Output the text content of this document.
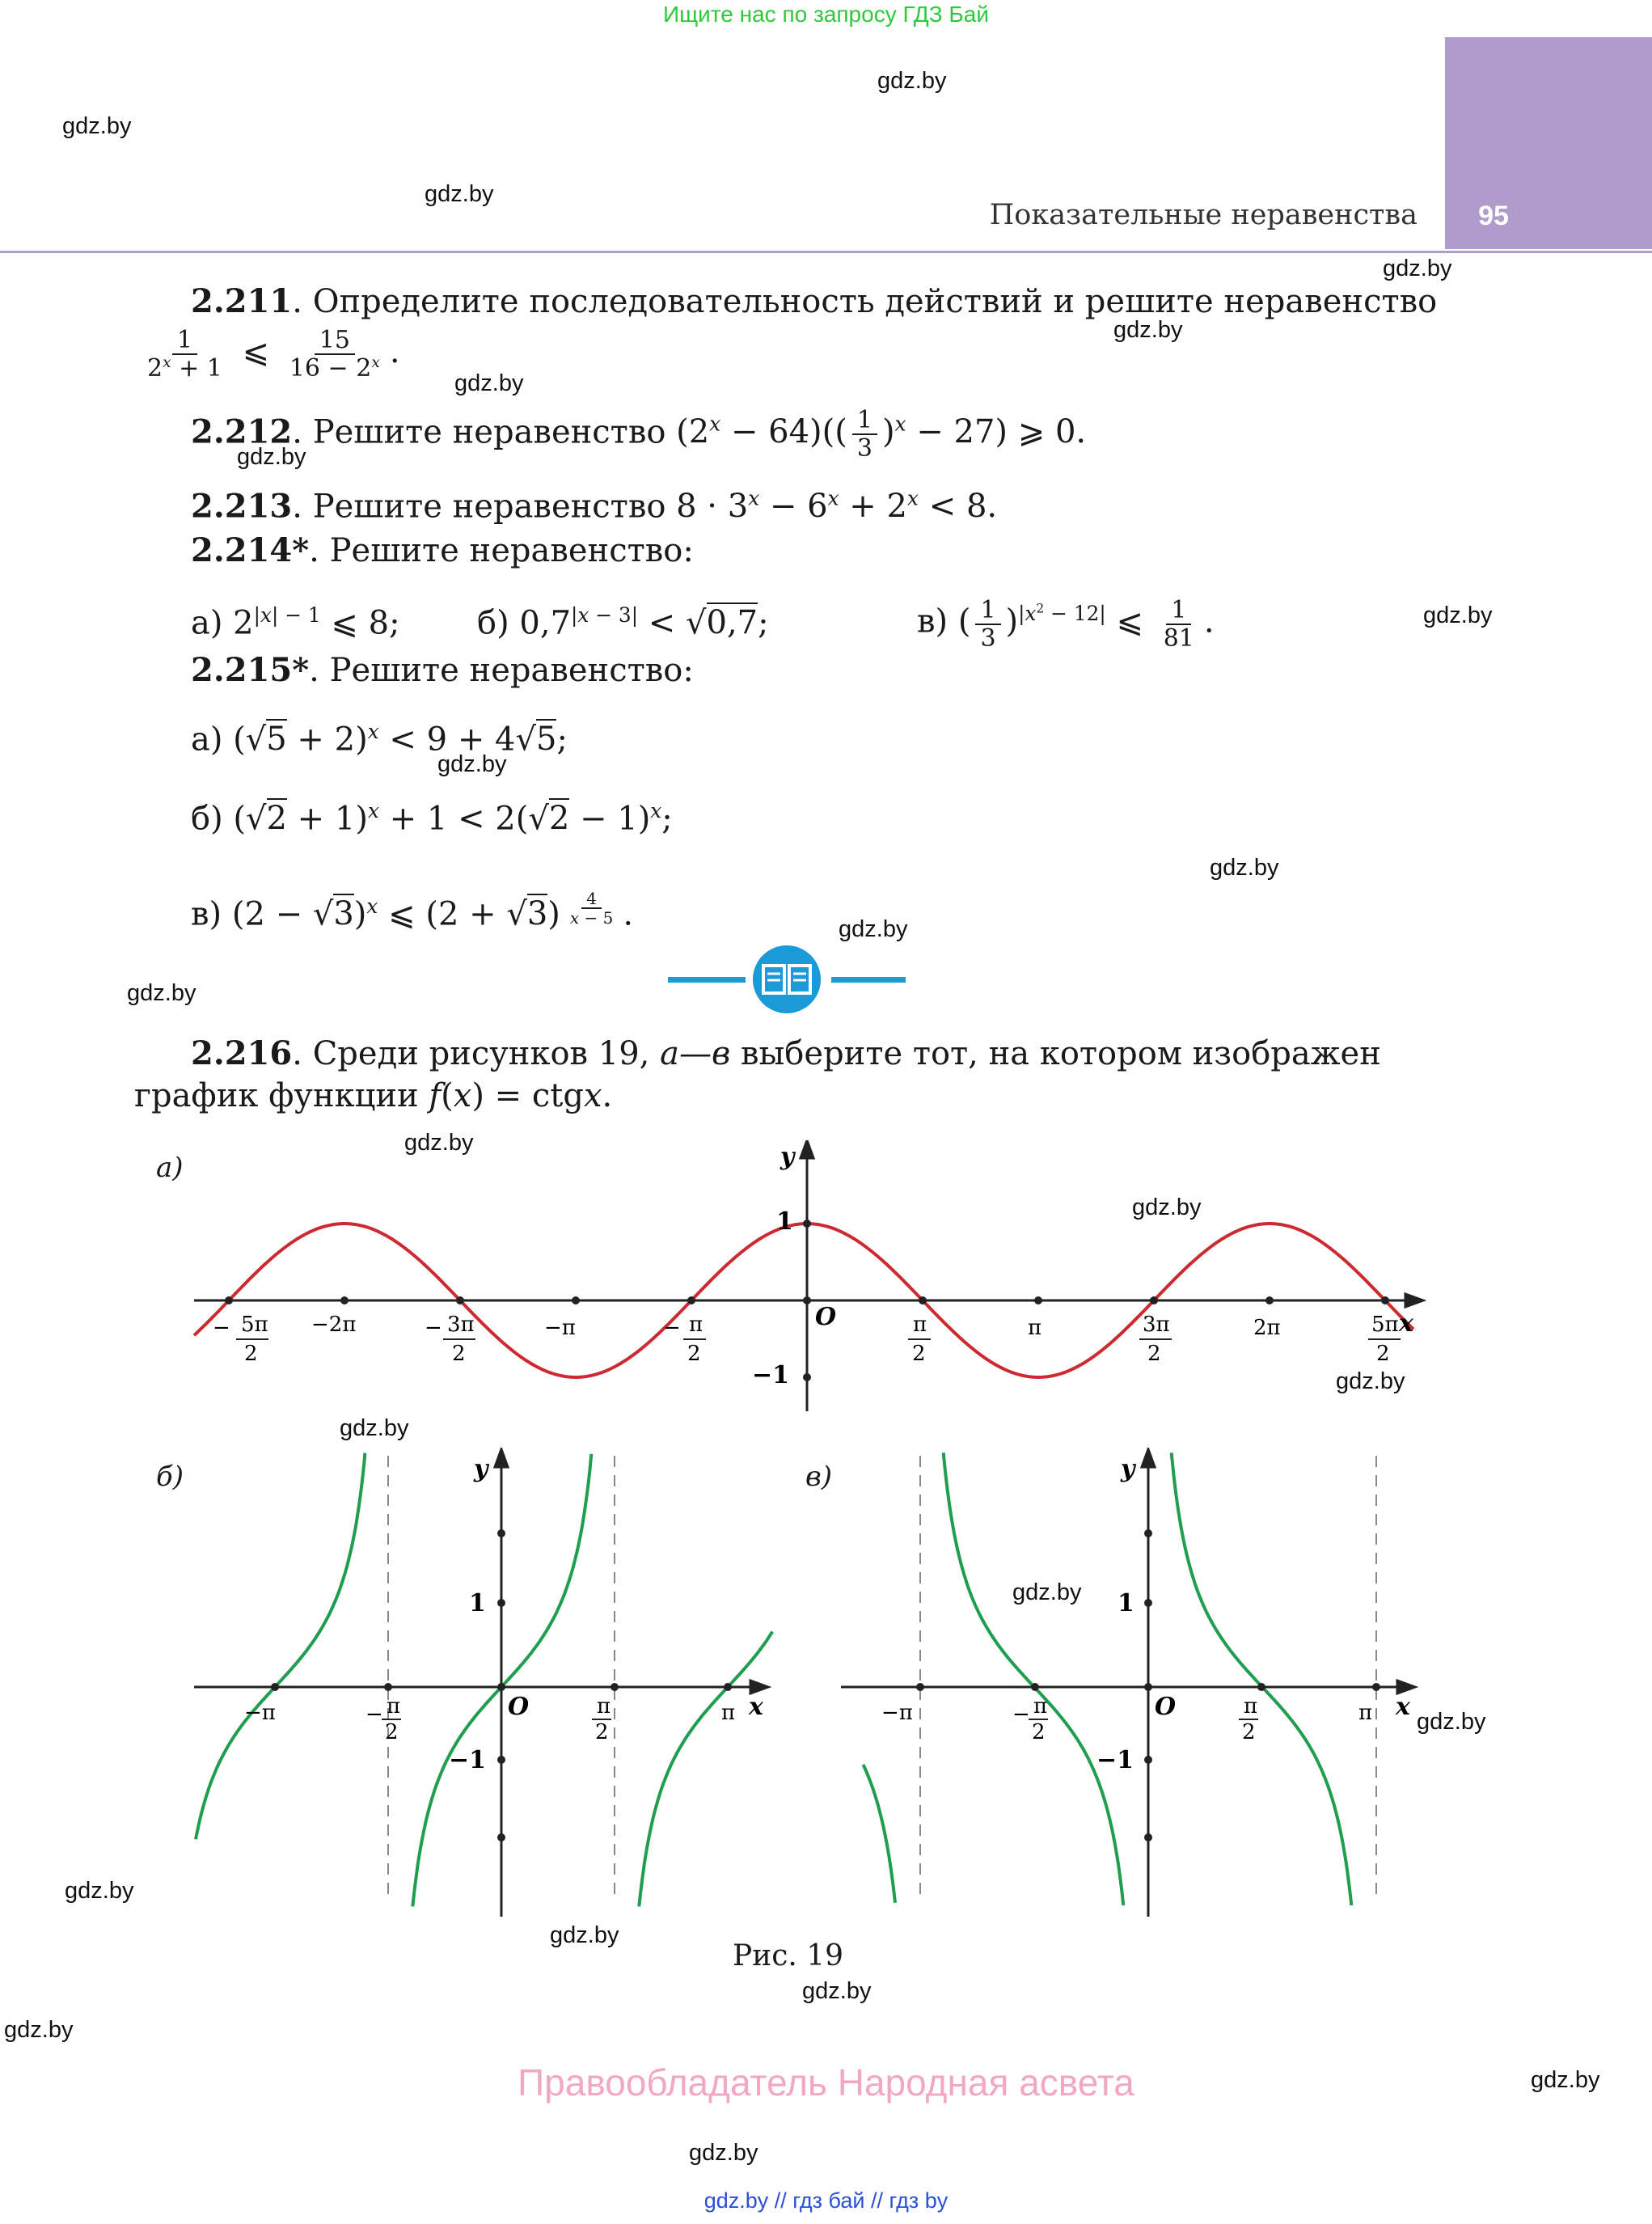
Ищите нас по запросу ГДЗ Бай
95
Показательные неравенства
gdz.by
gdz.by
gdz.by
gdz.by
gdz.by
gdz.by
gdz.by
gdz.by
gdz.by
gdz.by
gdz.by
gdz.by
gdz.by
gdz.by
gdz.by
gdz.by
gdz.by
gdz.by
gdz.by
gdz.by
gdz.by
gdz.by
gdz.by
gdz.by
2.211. Определите последовательность действий и решите неравенство
$\frac{1}{2^x + 1}$ ⩽ $\frac{15}{16 - 2^x}$ .
2.212. Решите неравенство $(2^x - 64)(( \frac{1}{3} )^x - 27)$ ⩾ 0.
2.213. Решите неравенство $8 \cdot 3^x - 6^x + 2^x < 8$.
2.214*. Решите неравенство:
а) $2^{|x| - 1}$ ⩽ 8; б) $0,7^{|x - 3|} < √0,7$;	в) ( $\frac{1}{3} )^{|x^2 - 12|}$ ⩽ $\frac{1}{81}$ .
2.215*. Решите неравенство:
а) $(√5 + 2)^x < 9 + 4√5$;
б) $(√2 + 1)^x + 1 < 2(√2 - 1)^x$;
в) $(2 - √3)^x$ ⩽ (2 + √3) $^{\frac{4}{x - 5}}$ .
2.216. Среди рисунков 19, а—в выберите тот, на котором изображен
график функции f(x) = ctgx.
а)
б)	в)
1
−1
O	x
y
− 5π
2
−2π	− 3π
2
−π	− π
2
π
2
π	3π
2
2π	5π
2
1
−1
O	x
y
−π	− π
2
π
2
π
1
−1
O	x
y
−π	− π
2
π
2
π
Рис. 19
Правообладатель Народная асвета
gdz.by // гдз бай // гдз by
